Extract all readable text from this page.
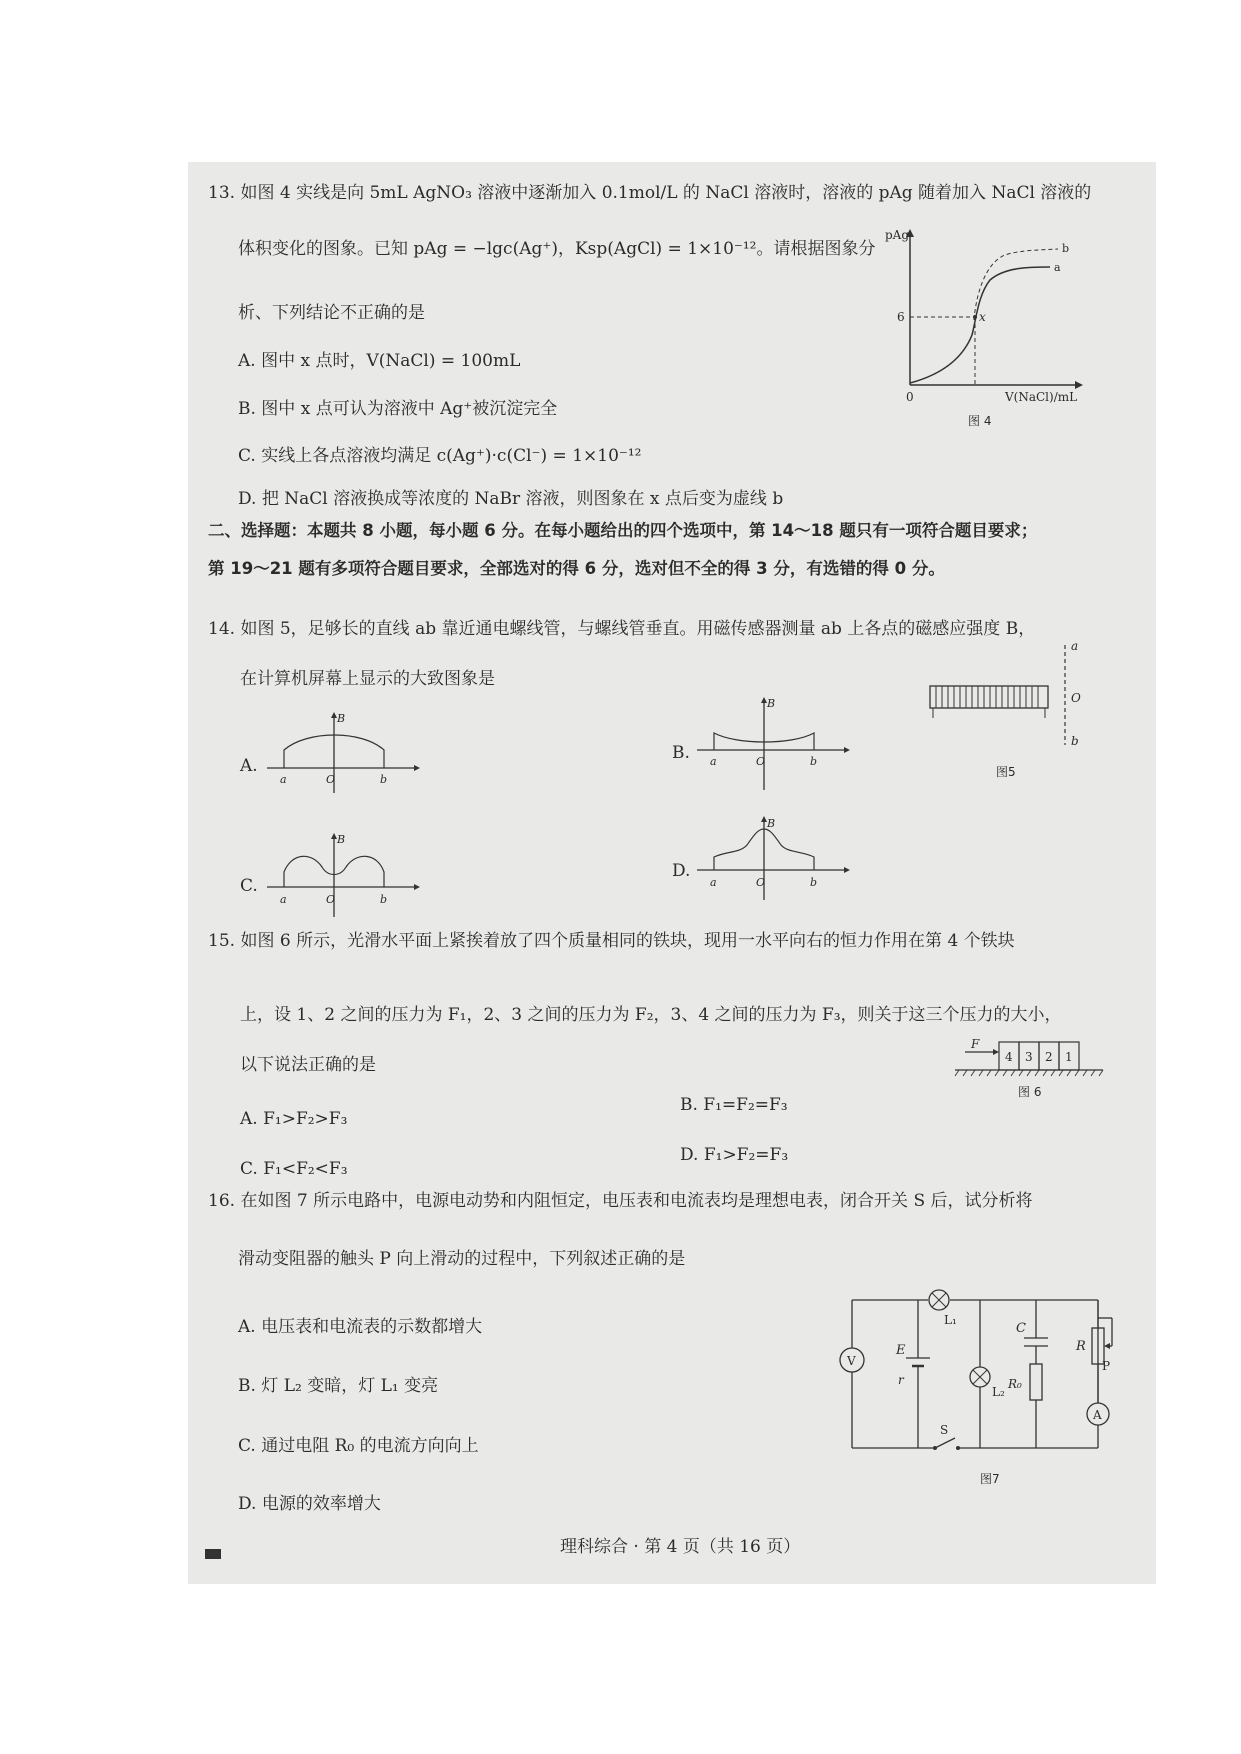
13. 如图 4 实线是向 5mL AgNO₃ 溶液中逐渐加入 0.1mol/L 的 NaCl 溶液时，溶液的 pAg 随着加入 NaCl 溶液的
体积变化的图象。已知 pAg = −lgc(Ag⁺)，Ksp(AgCl) = 1×10⁻¹²。请根据图象分
析、下列结论不正确的是
A. 图中 x 点时，V(NaCl) = 100mL
B. 图中 x 点可认为溶液中 Ag⁺被沉淀完全
C. 实线上各点溶液均满足 c(Ag⁺)·c(Cl⁻) = 1×10⁻¹²
D. 把 NaCl 溶液换成等浓度的 NaBr 溶液，则图象在 x 点后变为虚线 b
pAg
V(NaCl)/mL
0
6	x
a
b
图 4
二、选择题：本题共 8 小题，每小题 6 分。在每小题给出的四个选项中，第 14～18 题只有一项符合题目要求；
第 19～21 题有多项符合题目要求，全部选对的得 6 分，选对但不全的得 3 分，有选错的得 0 分。
14. 如图 5，足够长的直线 ab 靠近通电螺线管，与螺线管垂直。用磁传感器测量 ab 上各点的磁感应强度 B，
在计算机屏幕上显示的大致图象是
A.
B
O
a	b
B.
B
O
a	b
C.
B
O
a	b
D.
B
O
a	b
a
O
b
图5
15. 如图 6 所示，光滑水平面上紧挨着放了四个质量相同的铁块，现用一水平向右的恒力作用在第 4 个铁块
上，设 1、2 之间的压力为 F₁，2、3 之间的压力为 F₂，3、4 之间的压力为 F₃，则关于这三个压力的大小，
以下说法正确的是
A. F₁>F₂>F₃
B. F₁=F₂=F₃
C. F₁<F₂<F₃
D. F₁>F₂=F₃
F
4 3 2 1
图 6
16. 在如图 7 所示电路中，电源电动势和内阻恒定，电压表和电流表均是理想电表，闭合开关 S 后，试分析将
滑动变阻器的触头 P 向上滑动的过程中，下列叙述正确的是
A. 电压表和电流表的示数都增大
B. 灯 L₂ 变暗，灯 L₁ 变亮
C. 通过电阻 R₀ 的电流方向向上
D. 电源的效率增大
V
A
E
r
L₁
L₂
C
R₀
R
P
S
图7
理科综合 · 第 4 页（共 16 页）
